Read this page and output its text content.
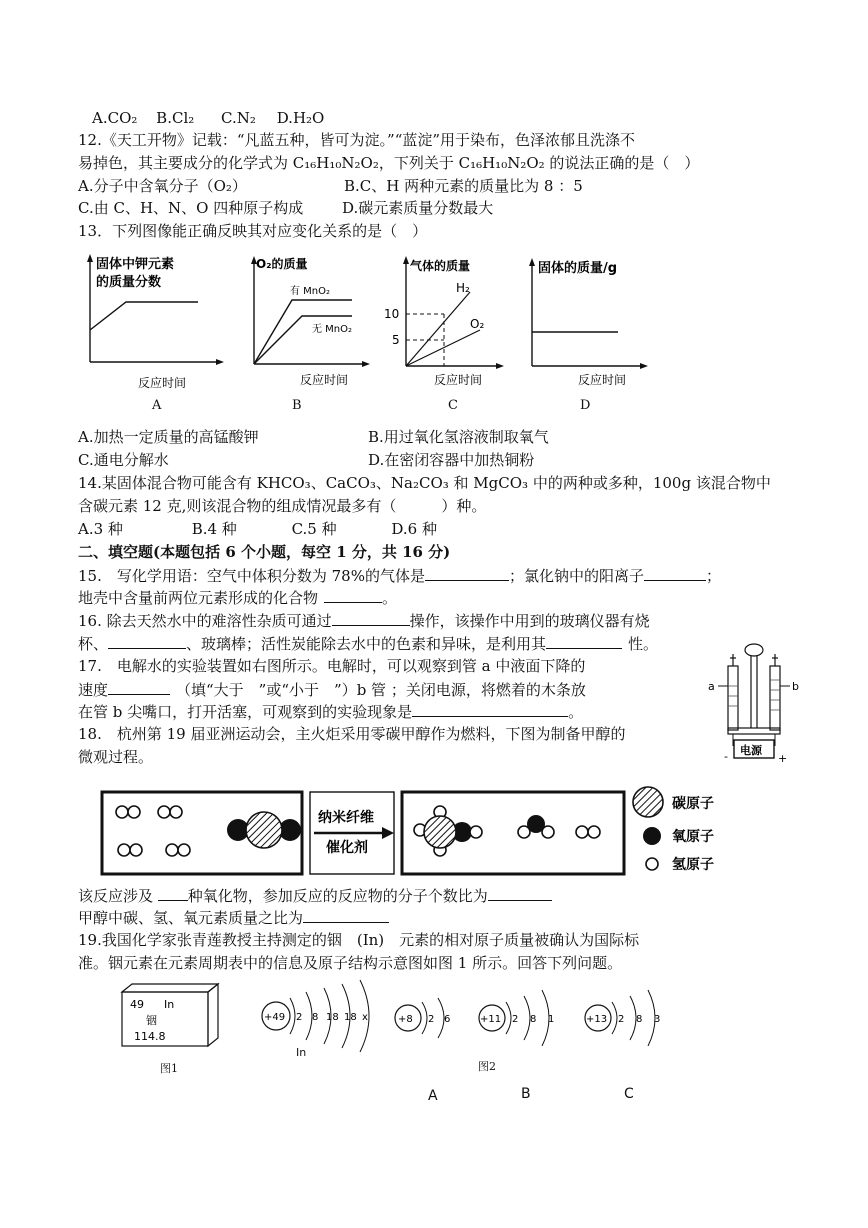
A.CO₂ B.Cl₂ C.N₂ D.H₂O
12.《天工开物》记载：“凡蓝五种，皆可为淀。”“蓝淀”用于染布，色泽浓郁且洗涤不
易掉色，其主要成分的化学式为 C₁₆H₁₀N₂O₂，下列关于 C₁₆H₁₀N₂O₂ 的说法正确的是（　）
A.分子中含氧分子（O₂）	B.C、H 两种元素的质量比为 8 ：5
C.由 C、H、N、O 四种原子构成	D.碳元素质量分数最大
13．下列图像能正确反映其对应变化关系的是（　）
固体中钾元素
的质量分数
反应时间
A
O₂的质量
有 MnO₂
无 MnO₂
反应时间
B
气体的质量
10
5
H₂
O₂
反应时间
C
固体的质量/g
反应时间
D
A.加热一定质量的高锰酸钾	B.用过氧化氢溶液制取氧气
C.通电分解水	D.在密闭容器中加热铜粉
14.某固体混合物可能含有 KHCO₃、CaCO₃、Na₂CO₃ 和 MgCO₃ 中的两种或多种，100g 该混合物中
含碳元素 12 克,则该混合物的组成情况最多有（　　　）种。
A.3 种	B.4 种	C.5 种	D.6 种
二、填空题(本题包括 6 个小题，每空 1 分，共 16 分)
15.　写化学用语：空气中体积分数为 78%的气体是	；氯化钠中的阳离子	；
地壳中含量前两位元素形成的化合物	。
16. 除去天然水中的难溶性杂质可通过	操作，该操作中用到的玻璃仪器有烧
杯、	、玻璃棒；活性炭能除去水中的色素和异味，是利用其	性。
17.　电解水的实验装置如右图所示。电解时，可以观察到管 a 中液面下降的
速度	（填“大于　”或“小于　”）b 管 ；关闭电源，将燃着的木条放
在管 b 尖嘴口，打开活塞，可观察到的实验现象是	。
a	b
电源
-	+
18.　杭州第 19 届亚洲运动会，主火炬采用零碳甲醇作为燃料，下图为制备甲醇的
微观过程。
纳米纤维
催化剂
碳原子
氧原子
氢原子
该反应涉及 种氧化物，参加反应的反应物的分子个数比为
甲醇中碳、氢、氧元素质量之比为
19.我国化学家张青莲教授主持测定的铟　(In)　元素的相对原子质量被确认为国际标
准。铟元素在元素周期表中的信息及原子结构示意图如图 1 所示。回答下列问题。
49 In
铟
114.8
图1
+49 2 8 18 18 x
In
+8 2 6	+11 2 8 1	+13 2 8 3
图2
A	B	C
